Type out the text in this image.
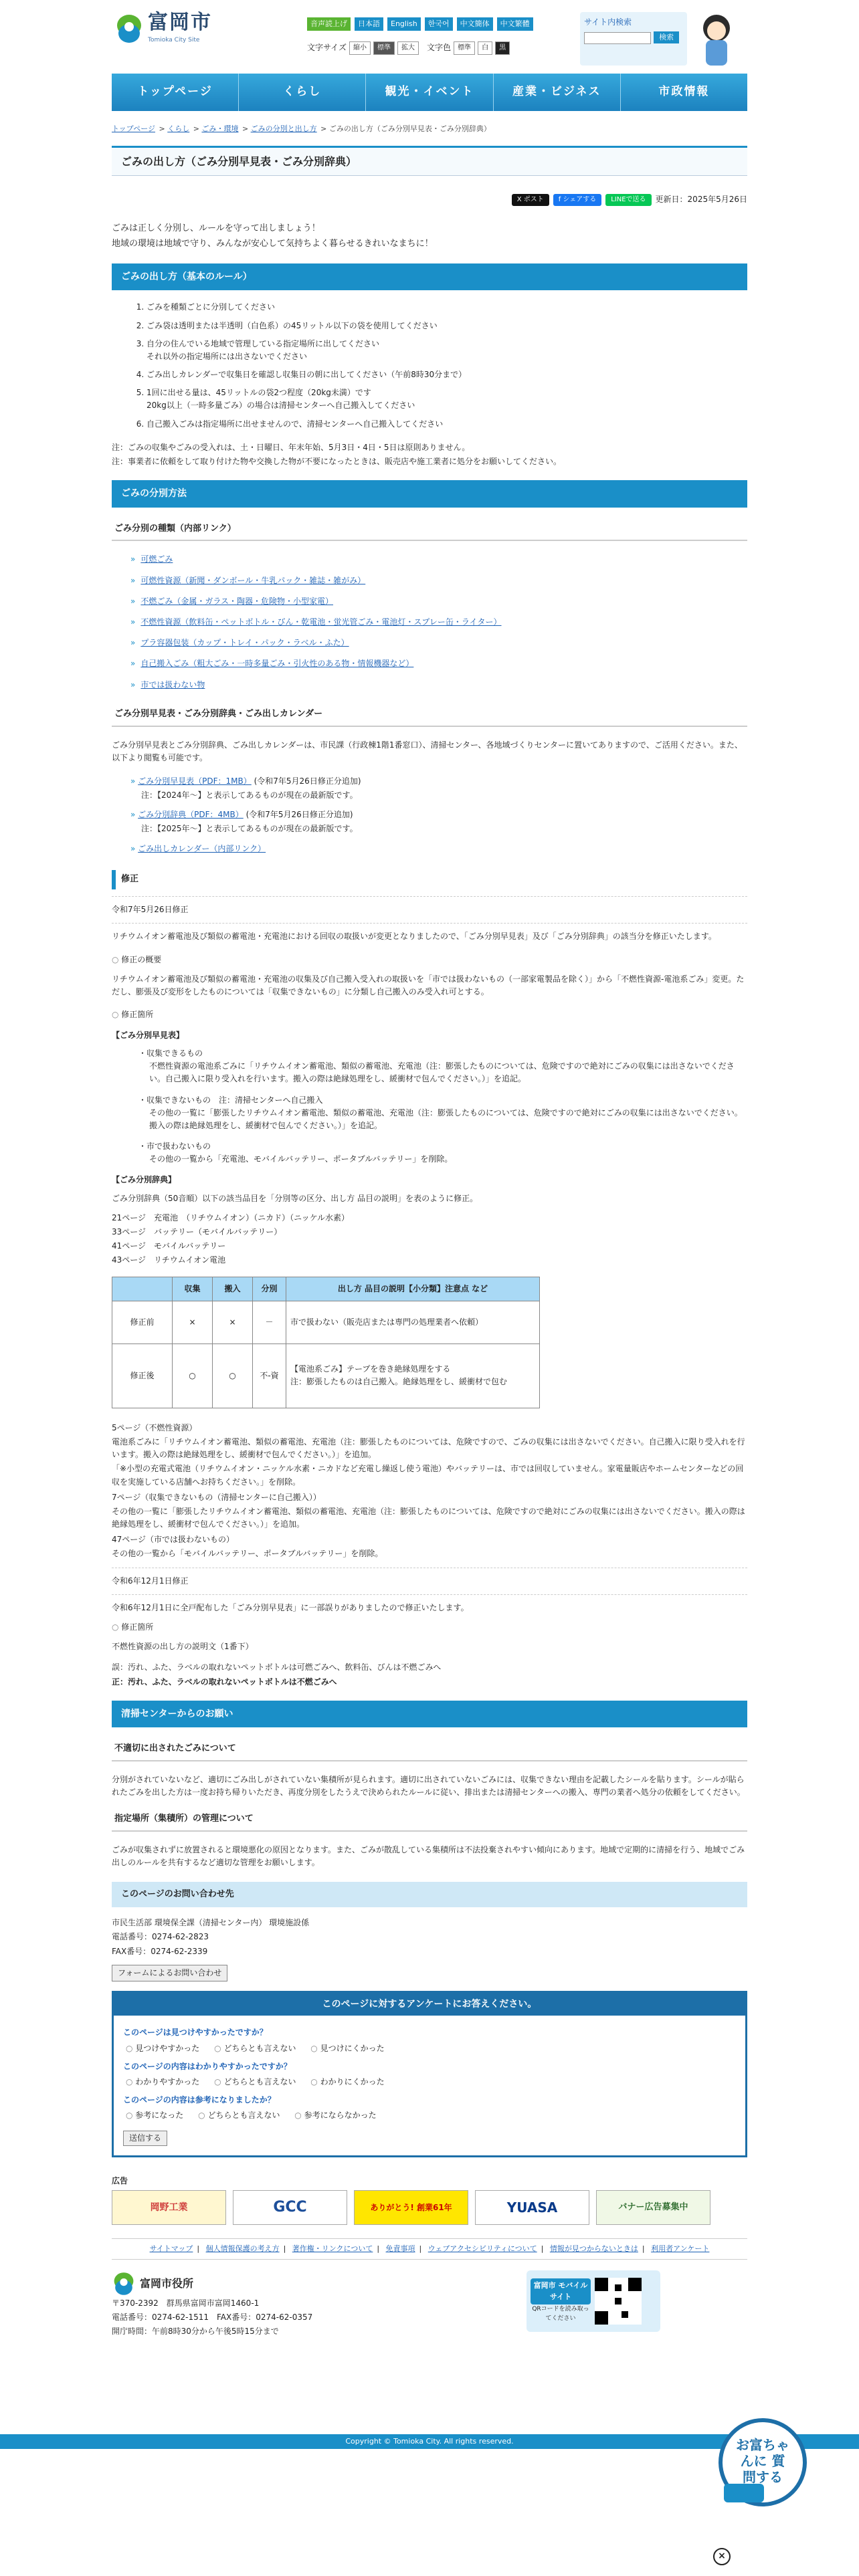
富岡市
Tomioka City Site
音声読上げ	日本語	English	한국어	中文簡体	中文繁體
文字サイズ	縮小	標準	拡大	文字色	標準	白	黒
サイト内検索
検索
トップページ	くらし	観光・イベント	産業・ビジネス	市政情報
トップページ > くらし > ごみ・環境 > ごみの分別と出し方 > ごみの出し方（ごみ分別早見表・ごみ分別辞典）
ごみの出し方（ごみ分別早見表・ごみ分別辞典）
X ポスト	f シェアする	LINEで送る	更新日：2025年5月26日

ごみは正しく分別し、ルールを守って出しましょう！

地域の環境は地域で守り、みんなが安心して気持ちよく暮らせるきれいなまちに！

ごみの出し方（基本のルール）
1. ごみを種類ごとに分別してください
2. ごみ袋は透明または半透明（白色系）の45リットル以下の袋を使用してください
3. 自分の住んでいる地域で管理している指定場所に出してください
それ以外の指定場所には出さないでください
4. ごみ出しカレンダーで収集日を確認し収集日の朝に出してください（午前8時30分まで）
5. 1回に出せる量は、45リットルの袋2つ程度（20kg未満）です
20kg以上（一時多量ごみ）の場合は清掃センターへ自己搬入してください
6. 自己搬入ごみは指定場所に出せませんので、清掃センターへ自己搬入してください

注：ごみの収集やごみの受入れは、土・日曜日、年末年始、5月3日・4日・5日は原則ありません。

注：事業者に依頼をして取り付けた物や交換した物が不要になったときは、販売店や施工業者に処分をお願いしてください。

ごみの分別方法
ごみ分別の種類（内部リンク）
» 可燃ごみ
» 可燃性資源（新聞・ダンボール・牛乳パック・雑誌・雑がみ）
» 不燃ごみ（金属・ガラス・陶器・危険物・小型家電）
» 不燃性資源（飲料缶・ペットボトル・びん・乾電池・蛍光管ごみ・電池灯・スプレー缶・ライター）
» プラ容器包装（カップ・トレイ・パック・ラベル・ふた）
» 自己搬入ごみ（粗大ごみ・一時多量ごみ・引火性のある物・情報機器など）
» 市では扱わない物
ごみ分別早見表・ごみ分別辞典・ごみ出しカレンダー

ごみ分別早見表とごみ分別辞典、ごみ出しカレンダーは、市民課（行政棟1階1番窓口）、清掃センター、各地域づくりセンターに置いてありますので、ご活用ください。また、以下より閲覧も可能です。

» ごみ分別早見表（PDF：1MB） (令和7年5月26日修正分追加)
注：【2024年～】と表示してあるものが現在の最新版です。
» ごみ分別辞典（PDF：4MB） (令和7年5月26日修正分追加)
注：【2025年～】と表示してあるものが現在の最新版です。
» ごみ出しカレンダー（内部リンク）
修正

令和7年5月26日修正

リチウムイオン蓄電池及び類似の蓄電池・充電池における回収の取扱いが変更となりましたので、「ごみ分別早見表」及び「ごみ分別辞典」の該当分を修正いたします。

○ 修正の概要

リチウムイオン蓄電池及び類似の蓄電池・充電池の収集及び自己搬入受入れの取扱いを「市では扱わないもの（一部家電製品を除く）」から「不燃性資源-電池系ごみ」変更。ただし、膨張及び変形をしたものについては「収集できないもの」に分類し自己搬入のみ受入れ可とする。

○ 修正箇所
【ごみ分別早見表】
・ 収集できるもの
不燃性資源の電池系ごみに「リチウムイオン蓄電池、類似の蓄電池、充電池（注：膨張したものについては、危険ですので絶対にごみの収集には出さないでください。自己搬入に限り受入れを行います。搬入の際は絶縁処理をし、緩衝材で包んでください。）」を追記。
・ 収集できないもの　注：清掃センターへ自己搬入
その他の一覧に「膨張したリチウムイオン蓄電池、類似の蓄電池、充電池（注：膨張したものについては、危険ですので絶対にごみの収集には出さないでください。搬入の際は絶縁処理をし、緩衝材で包んでください。）」を追記。
・ 市で扱わないもの
その他の一覧から「充電池、モバイルバッテリー、ポータブルバッテリー」を削除。
【ごみ分別辞典】

ごみ分別辞典（50音順）以下の該当品目を「分別等の区分、出し方 品目の説明」を表のように修正。

21ページ　充電池　（リチウムイオン）（ニカド）（ニッケル水素）

33ページ　バッテリー（モバイルバッテリー）

41ページ　モバイルバッテリー

43ページ　リチウムイオン電池

	収集	搬入	分別	出し方 品目の説明【小分類】注意点 など
修正前	×	×	－	市で扱わない（販売店または専門の処理業者へ依頼）
修正後	○	○	不-資	【電池系ごみ】テープを巻き絶縁処理をする
注：膨張したものは自己搬入。絶縁処理をし、緩衝材で包む

5ページ（不燃性資源）

電池系ごみに「リチウムイオン蓄電池、類似の蓄電池、充電池（注：膨張したものについては、危険ですので、ごみの収集には出さないでください。自己搬入に限り受入れを行います。搬入の際は絶縁処理をし、緩衝材で包んでください。）」を追加。

「※小型の充電式電池（リチウムイオン・ニッケル水素・ニカドなど充電し繰返し使う電池）やバッテリーは、市では回収していません。家電量販店やホームセンターなどの回収を実施している店舗へお持ちください。」を削除。

7ページ（収集できないもの（清掃センターに自己搬入））

その他の一覧に「膨張したリチウムイオン蓄電池、類似の蓄電池、充電池（注：膨張したものについては、危険ですので絶対にごみの収集には出さないでください。搬入の際は絶縁処理をし、緩衝材で包んでください。）」を追加。

47ページ（市では扱わないもの）

その他の一覧から「モバイルバッテリー、ポータブルバッテリー」を削除。

令和6年12月1日修正

令和6年12月1日に全戸配布した「ごみ分別早見表」に一部誤りがありましたので修正いたします。

○ 修正箇所

不燃性資源の出し方の説明文（1番下）

誤：汚れ、ふた、ラベルの取れないペットボトルは可燃ごみへ、飲料缶、びんは不燃ごみへ

正：汚れ、ふた、ラベルの取れないペットボトルは不燃ごみへ

清掃センターからのお願い
不適切に出されたごみについて

分別がされていないなど、適切にごみ出しがされていない集積所が見られます。適切に出されていないごみには、収集できない理由を記載したシールを貼ります。シールが貼られたごみを出した方は一度お持ち帰りいただき、再度分別をしたうえで決められたルールに従い、排出または清掃センターへの搬入、専門の業者へ処分の依頼をしてください。

指定場所（集積所）の管理について

ごみが収集されずに放置されると環境悪化の原因となります。また、ごみが散乱している集積所は不法投棄されやすい傾向にあります。地域で定期的に清掃を行う、地域でごみ出しのルールを共有するなど適切な管理をお願いします。

このページのお問い合わせ先

市民生活部 環境保全課（清掃センター内） 環境施設係

電話番号：0274-62-2823

FAX番号：0274-62-2339

フォームによるお問い合わせ
このページに対するアンケートにお答えください。
このページは見つけやすかったですか？
○ 見つけやすかった	○ どちらとも言えない	○ 見つけにくかった
このページの内容はわかりやすかったですか？
○ わかりやすかった	○ どちらとも言えない	○ わかりにくかった
このページの内容は参考になりましたか？
○ 参考になった	○ どちらとも言えない	○ 参考にならなかった
送信する
広告
岡野工業	GCC	ありがとう! 創業61年	YUASA	バナー広告募集中
サイトマップ | 個人情報保護の考え方 | 著作権・リンクについて | 免責事項 | ウェブアクセシビリティについて | 情報が見つからないときは | 利用者アンケート
富岡市役所

〒370-2392　群馬県富岡市富岡1460-1

電話番号：0274-62-1511　FAX番号：0274-62-0357

開庁時間：午前8時30分から午後5時15分まで

富岡市 モバイルサイト
QRコードを読み取ってください
Copyright © Tomioka City. All rights reserved.	お富ちゃんに 質問する
×
